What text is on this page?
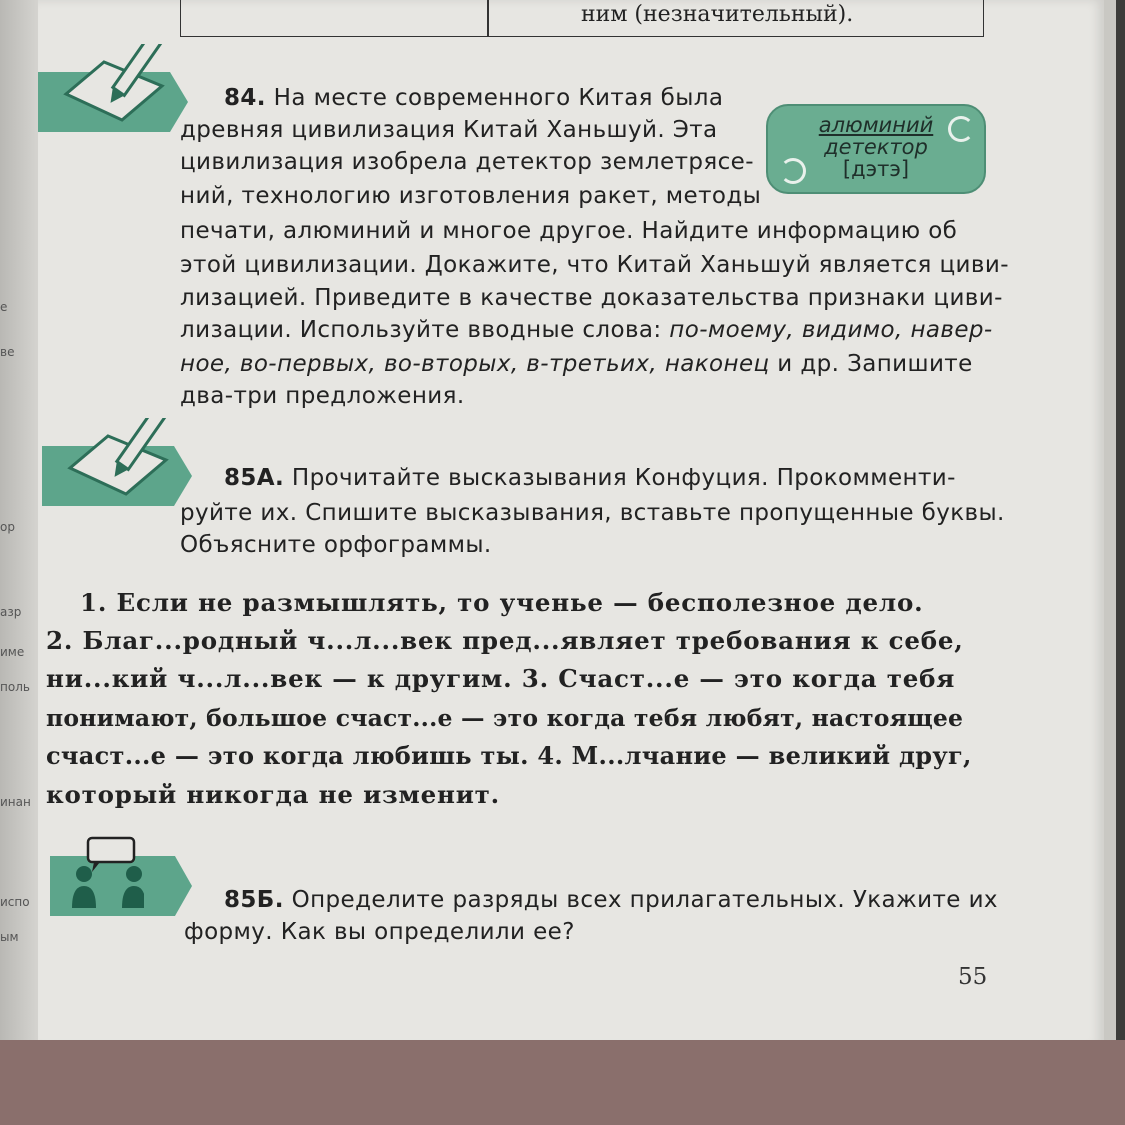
е
ве
ор
азр
име
поль
инан
испо
ым
ним (незначительный).
84. На месте современного Китая была
древняя цивилизация Китай Ханьшуй. Эта
цивилизация изобрела детектор землетрясе-
ний, технологию изготовления ракет, методы
печати, алюминий и многое другое. Найдите информацию об
этой цивилизации. Докажите, что Китай Ханьшуй является циви-
лизацией. Приведите в качестве доказательства признаки циви-
лизации. Используйте вводные слова: по-моему, видимо, навер-
ное, во-первых, во-вторых, в-третьих, наконец и др. Запишите
два-три предложения.
алюминий
детектор
[дэтэ]
85А. Прочитайте высказывания Конфуция. Прокомменти-
руйте их. Спишите высказывания, вставьте пропущенные буквы.
Объясните орфограммы.
1. Если не размышлять, то ученье — бесполезное дело.
2. Благ...родный ч...л...век пред...являет требования к себе,
ни...кий ч...л...век — к другим. 3. Счаст...е — это когда тебя
понимают, большое счаст...е — это когда тебя любят, настоящее
счаст...е — это когда любишь ты. 4. М...лчание — великий друг,
который никогда не изменит.
85Б. Определите разряды всех прилагательных. Укажите их
форму. Как вы определили ее?
55
